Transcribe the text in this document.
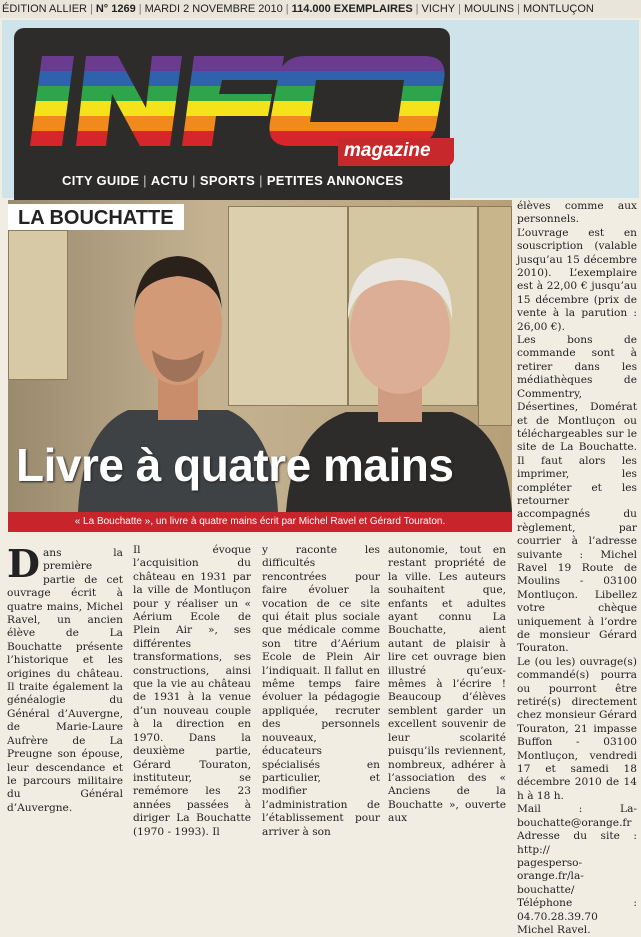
ÉDITION ALLIER | N° 1269 | MARDI 2 NOVEMBRE 2010 | 114.000 EXEMPLAIRES | VICHY | MOULINS | MONTLUÇON
magazine
CITY GUIDE | ACTU | SPORTS | PETITES ANNONCES
LA BOUCHATTE
Livre à quatre mains
« La Bouchatte », un livre à quatre mains écrit par Michel Ravel et Gérard Touraton.
Dans la première partie de cet ouvrage écrit à quatre mains, Michel Ravel, un ancien élève de La Bouchatte présente l’historique et les origines du château. Il traite également la généalogie du Général d’Auvergne, de Marie-Laure Aufrère de La Preugne son épouse, leur descendance et le parcours militaire du Général d’Auvergne.

Il évoque l’acquisition du château en 1931 par la ville de Montluçon pour y réaliser un « Aérium Ecole de Plein Air », ses différentes transformations, ses constructions, ainsi que la vie au château de 1931 à la venue d’un nouveau couple à la direction en 1970. Dans la deuxième partie, Gérard Touraton, instituteur, se remémore les 23 années passées à diriger La Bouchatte (1970 - 1993). Il

y raconte les difficultés rencontrées pour faire évoluer la vocation de ce site qui était plus sociale que médicale comme son titre d’Aérium Ecole de Plein Air l’indiquait. Il fallut en même temps faire évoluer la pédagogie appliquée, recruter des personnels nouveaux, éducateurs spécialisés en particulier, et modifier l’administration de l’établissement pour arriver à son

autonomie, tout en restant propriété de la ville. Les auteurs souhaitent que, enfants et adultes ayant connu La Bouchatte, aient autant de plaisir à lire cet ouvrage bien illustré qu’eux-mêmes à l’écrire ! Beaucoup d’élèves semblent garder un excellent souvenir de leur scolarité puisqu’ils reviennent, nombreux, adhérer à l’association des « Anciens de la Bouchatte », ouverte aux

élèves comme aux personnels.

L’ouvrage est en souscription (valable jusqu’au 15 décembre 2010). L’exemplaire est à 22,00 € jusqu’au 15 décembre (prix de vente à la parution : 26,00 €).

Les bons de commande sont à retirer dans les médiathèques de Commentry, Désertines, Domérat et de Montluçon ou téléchargeables sur le site de La Bouchatte. Il faut alors les imprimer, les compléter et les retourner accompagnés du règlement, par courrier à l’adresse suivante : Michel Ravel 19 Route de Moulins - 03100 Montluçon. Libellez votre chèque uniquement à l’ordre de monsieur Gérard Touraton.

Le (ou les) ouvrage(s) commandé(s) pourra ou pourront être retiré(s) directement chez monsieur Gérard Touraton, 21 impasse Buffon - 03100 Montluçon, vendredi 17 et samedi 18 décembre 2010 de 14 h à 18 h.

Mail : La-bouchatte@orange.fr

Adresse du site : http://
pagesperso-orange.fr/la-
bouchatte/

Téléphone : 04.70.28.39.70

Michel Ravel.
